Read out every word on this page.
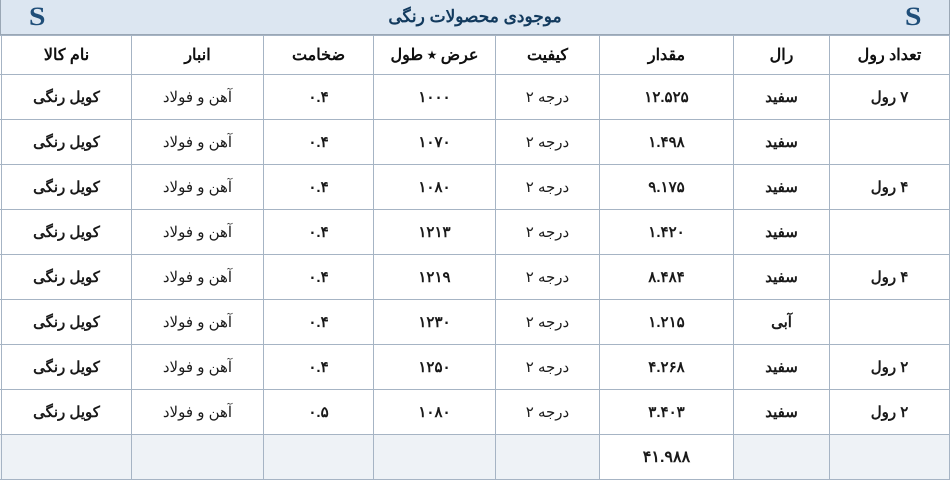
S
موجودی محصولات رنگی
S
تعداد رول	رال	مقدار	کیفیت	عرض ٭ طول	ضخامت	انبار	نام کالا	
۷ رول	سفید	۱۲.۵۲۵	درجه ۲	۱۰۰۰	۰.۴	آهن و فولاد	کویل رنگی	
	سفید	۱.۴۹۸	درجه ۲	۱۰۷۰	۰.۴	آهن و فولاد	کویل رنگی	
۴ رول	سفید	۹.۱۷۵	درجه ۲	۱۰۸۰	۰.۴	آهن و فولاد	کویل رنگی	
	سفید	۱.۴۲۰	درجه ۲	۱۲۱۳	۰.۴	آهن و فولاد	کویل رنگی	
۴ رول	سفید	۸.۴۸۴	درجه ۲	۱۲۱۹	۰.۴	آهن و فولاد	کویل رنگی	
	آبی	۱.۲۱۵	درجه ۲	۱۲۳۰	۰.۴	آهن و فولاد	کویل رنگی	
۲ رول	سفید	۴.۲۶۸	درجه ۲	۱۲۵۰	۰.۴	آهن و فولاد	کویل رنگی	
۲ رول	سفید	۳.۴۰۳	درجه ۲	۱۰۸۰	۰.۵	آهن و فولاد	کویل رنگی	
		۴۱.۹۸۸						
